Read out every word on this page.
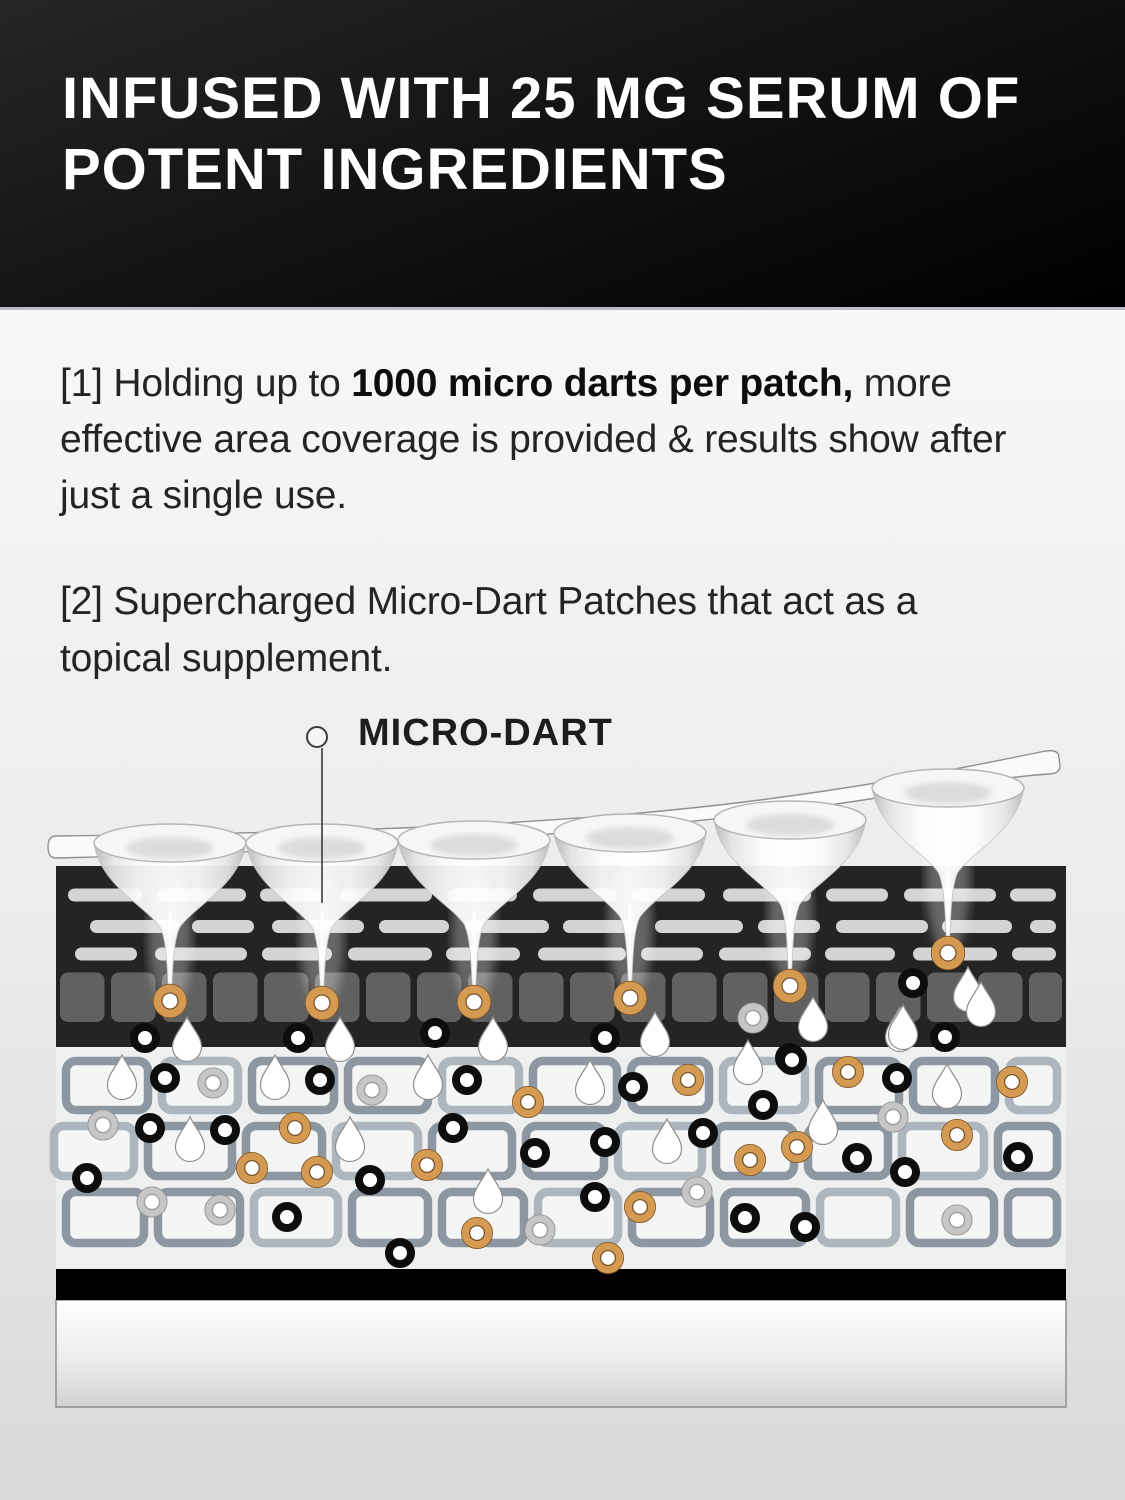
INFUSED WITH 25 MG SERUM OF
POTENT INGREDIENTS

[1] Holding up to 1000 micro darts per patch, more effective area coverage is provided & results show after just a single use.

[2] Supercharged Micro-Dart Patches that act as a topical supplement.

MICRO-DART
